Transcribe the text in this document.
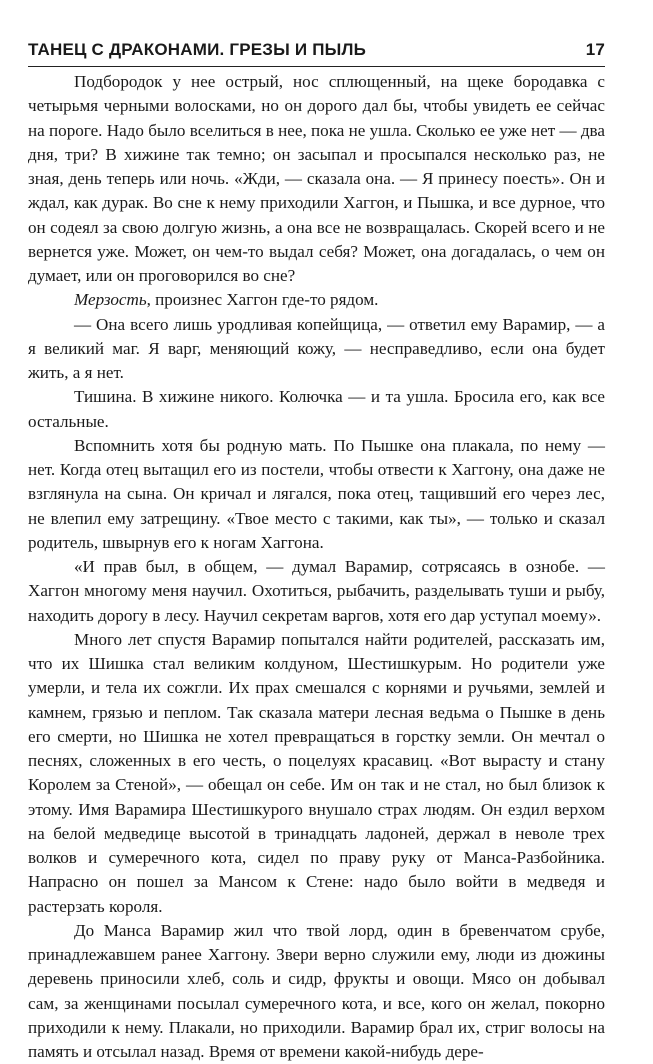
ТАНЕЦ С ДРАКОНАМИ. ГРЕЗЫ И ПЫЛЬ	17

Подбородок у нее острый, нос сплющенный, на щеке бородавка с четырьмя черными волосками, но он дорого дал бы, чтобы увидеть ее сейчас на пороге. Надо было вселиться в нее, пока не ушла. Сколько ее уже нет — два дня, три? В хижине так темно; он засыпал и просыпался несколько раз, не зная, день теперь или ночь. «Жди, — сказала она. — Я принесу поесть». Он и ждал, как дурак. Во сне к нему приходили Хаггон, и Пышка, и все дурное, что он содеял за свою долгую жизнь, а она все не возвращалась. Скорей всего и не вернется уже. Может, он чем-то выдал себя? Может, она догадалась, о чем он думает, или он проговорился во сне?

Мерзость, произнес Хаггон где-то рядом.

— Она всего лишь уродливая копейщица, — ответил ему Варамир, — а я великий маг. Я варг, меняющий кожу, — несправедливо, если она будет жить, а я нет.

Тишина. В хижине никого. Колючка — и та ушла. Бросила его, как все остальные.

Вспомнить хотя бы родную мать. По Пышке она плакала, по нему — нет. Когда отец вытащил его из постели, чтобы отвести к Хаггону, она даже не взглянула на сына. Он кричал и лягался, пока отец, тащивший его через лес, не влепил ему затрещину. «Твое место с такими, как ты», — только и сказал родитель, швырнув его к ногам Хаггона.

«И прав был, в общем, — думал Варамир, сотрясаясь в ознобе. — Хаггон многому меня научил. Охотиться, рыбачить, разделывать туши и рыбу, находить дорогу в лесу. Научил секретам варгов, хотя его дар уступал моему».

Много лет спустя Варамир попытался найти родителей, рассказать им, что их Шишка стал великим колдуном, Шестишкурым. Но родители уже умерли, и тела их сожгли. Их прах смешался с корнями и ручьями, землей и камнем, грязью и пеплом. Так сказала матери лесная ведьма о Пышке в день его смерти, но Шишка не хотел превращаться в горстку земли. Он мечтал о песнях, сложенных в его честь, о поцелуях красавиц. «Вот вырасту и стану Королем за Стеной», — обещал он себе. Им он так и не стал, но был близок к этому. Имя Варамира Шестишкурого внушало страх людям. Он ездил верхом на белой медведице высотой в тринадцать ладоней, держал в неволе трех волков и сумеречного кота, сидел по праву руку от Манса-Разбойника. Напрасно он пошел за Мансом к Стене: надо было войти в медведя и растерзать короля.

До Манса Варамир жил что твой лорд, один в бревенчатом срубе, принадлежавшем ранее Хаггону. Звери верно служили ему, люди из дюжины деревень приносили хлеб, соль и сидр, фрукты и овощи. Мясо он добывал сам, за женщинами посылал сумеречного кота, и все, кого он желал, покорно приходили к нему. Плакали, но приходили. Варамир брал их, стриг волосы на память и отсылал назад. Время от времени какой-нибудь дере-
